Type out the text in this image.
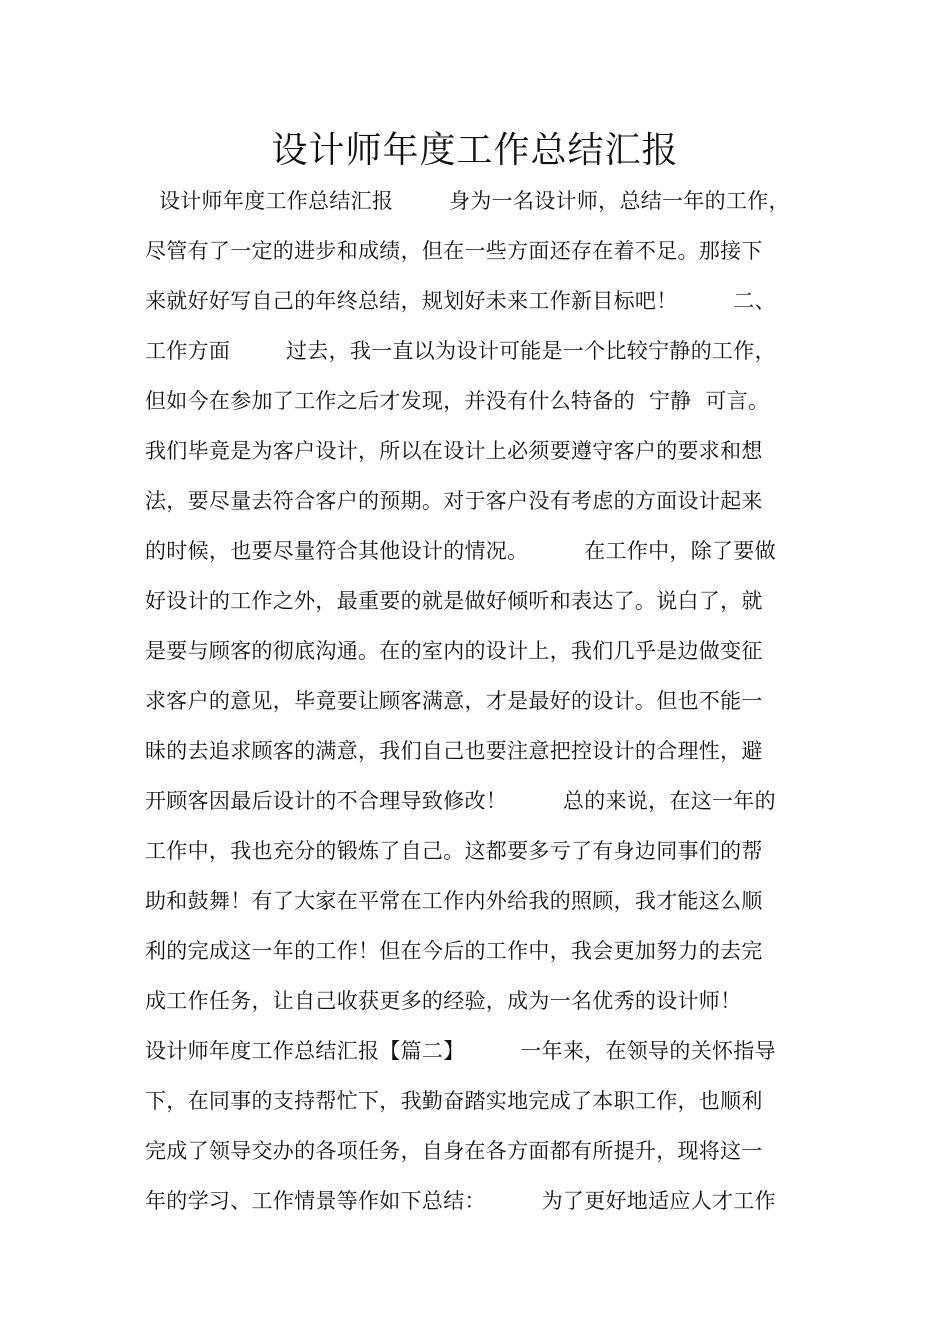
设计师年度工作总结汇报
设计师年度工作总结汇报        身为一名设计师，总结一年的工作，
尽管有了一定的进步和成绩，但在一些方面还存在着不足。那接下
来就好好写自己的年终总结，规划好未来工作新目标吧！        二、
工作方面        过去，我一直以为设计可能是一个比较宁静的工作，
但如今在参加了工作之后才发现，并没有什么特备的  宁静  可言。
我们毕竟是为客户设计，所以在设计上必须要遵守客户的要求和想
法，要尽量去符合客户的预期。对于客户没有考虑的方面设计起来
的时候，也要尽量符合其他设计的情况。        在工作中，除了要做
好设计的工作之外，最重要的就是做好倾听和表达了。说白了，就
是要与顾客的彻底沟通。在的室内的设计上，我们几乎是边做变征
求客户的意见，毕竟要让顾客满意，才是最好的设计。但也不能一
昧的去追求顾客的满意，我们自己也要注意把控设计的合理性，避
开顾客因最后设计的不合理导致修改！        总的来说，在这一年的
工作中，我也充分的锻炼了自己。这都要多亏了有身边同事们的帮
助和鼓舞！有了大家在平常在工作内外给我的照顾，我才能这么顺
利的完成这一年的工作！但在今后的工作中，我会更加努力的去完
成工作任务，让自己收获更多的经验，成为一名优秀的设计师！
设计师年度工作总结汇报【篇二】        一年来，在领导的关怀指导
下，在同事的支持帮忙下，我勤奋踏实地完成了本职工作，也顺利
完成了领导交办的各项任务，自身在各方面都有所提升，现将这一
年的学习、工作情景等作如下总结：        为了更好地适应人才工作
